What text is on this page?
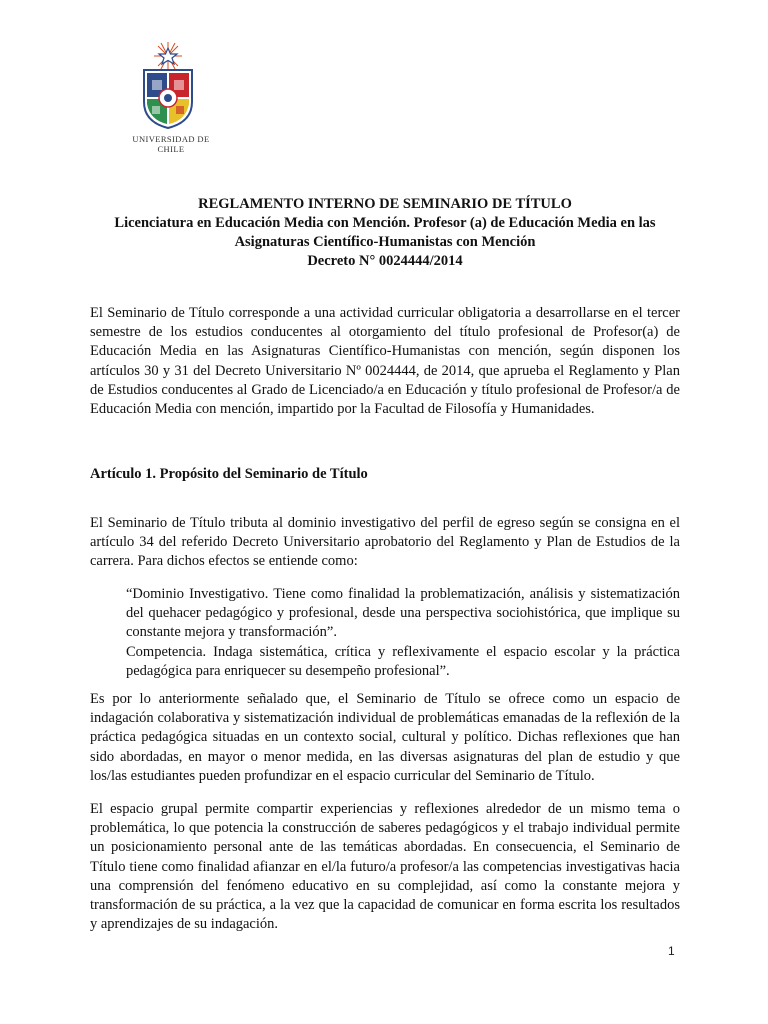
UNIVERSIDAD DE CHILE
REGLAMENTO INTERNO DE SEMINARIO DE TÍTULO
Licenciatura en Educación Media con Mención. Profesor (a) de Educación Media en las Asignaturas Científico-Humanistas con Mención
Decreto N° 0024444/2014
El Seminario de Título corresponde a una actividad curricular obligatoria a desarrollarse en el tercer semestre de los estudios conducentes al otorgamiento del título profesional de Profesor(a) de Educación Media en las Asignaturas Científico-Humanistas con mención, según disponen los artículos 30 y 31 del Decreto Universitario Nº 0024444, de 2014, que aprueba el Reglamento y Plan de Estudios conducentes al Grado de Licenciado/a en Educación y título profesional de Profesor/a de Educación Media con mención, impartido por la Facultad de Filosofía y Humanidades.
Artículo 1. Propósito del Seminario de Título
El Seminario de Título tributa al dominio investigativo del perfil de egreso según se consigna en el artículo 34 del referido Decreto Universitario aprobatorio del Reglamento y Plan de Estudios de la carrera. Para dichos efectos se entiende como:
“Dominio Investigativo. Tiene como finalidad la problematización, análisis y sistematización del quehacer pedagógico y profesional, desde una perspectiva sociohistórica, que implique su constante mejora y transformación”.
Competencia. Indaga sistemática, crítica y reflexivamente el espacio escolar y la práctica pedagógica para enriquecer su desempeño profesional”.
Es por lo anteriormente señalado que, el Seminario de Título se ofrece como un espacio de indagación colaborativa y sistematización individual de problemáticas emanadas de la reflexión de la práctica pedagógica situadas en un contexto social, cultural y político. Dichas reflexiones que han sido abordadas, en mayor o menor medida, en las diversas asignaturas del plan de estudio y que los/las estudiantes pueden profundizar en el espacio curricular del Seminario de Título.
El espacio grupal permite compartir experiencias y reflexiones alrededor de un mismo tema o problemática, lo que potencia la construcción de saberes pedagógicos y el trabajo individual permite un posicionamiento personal ante de las temáticas abordadas. En consecuencia, el Seminario de Título tiene como finalidad afianzar en el/la futuro/a profesor/a las competencias investigativas hacia una comprensión del fenómeno educativo en su complejidad, así como la constante mejora y transformación de su práctica, a la vez que la capacidad de comunicar en forma escrita los resultados y aprendizajes de su indagación.
1
